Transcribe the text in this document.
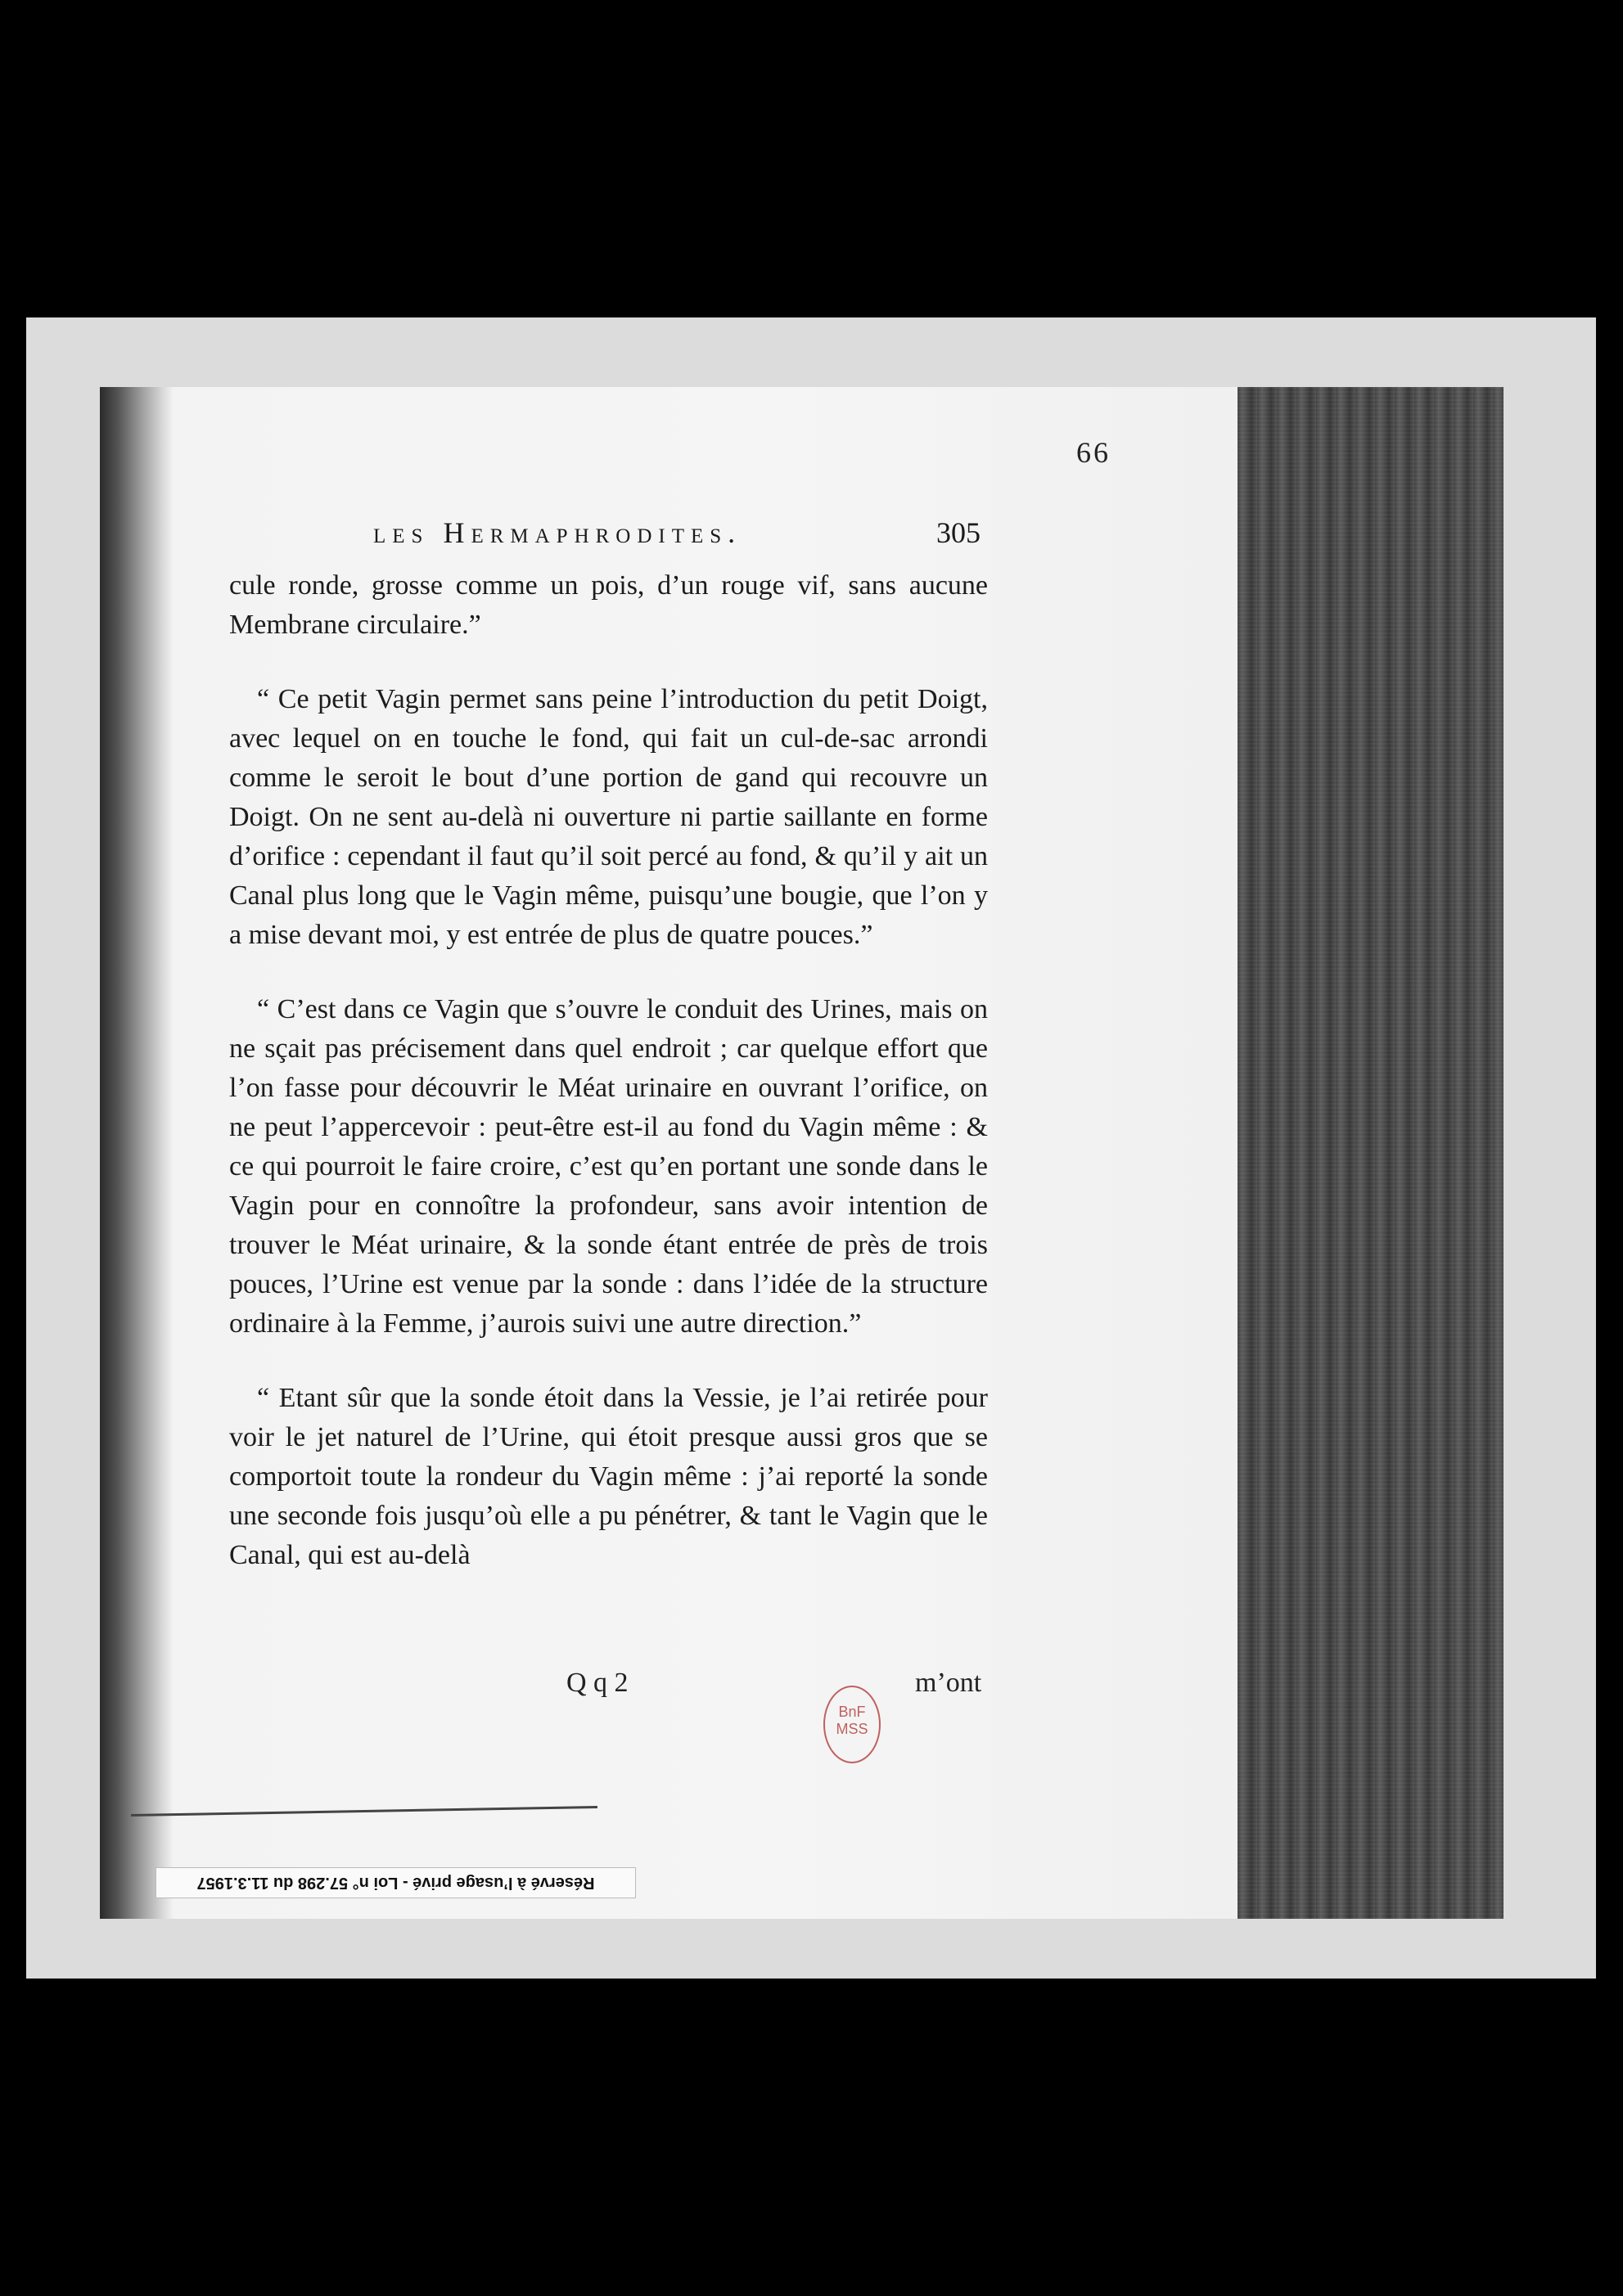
66
les Hermaphrodites.	305

cule ronde, grosse comme un pois, d’un rouge vif, sans aucune Membrane circulaire.”

“ Ce petit Vagin permet sans peine l’introduction du petit Doigt, avec lequel on en touche le fond, qui fait un cul-de-sac arrondi comme le seroit le bout d’une portion de gand qui recouvre un Doigt. On ne sent au-delà ni ouverture ni partie saillante en forme d’orifice : cependant il faut qu’il soit percé au fond, & qu’il y ait un Canal plus long que le Vagin même, puisqu’une bougie, que l’on y a mise devant moi, y est entrée de plus de quatre pouces.”

“ C’est dans ce Vagin que s’ouvre le conduit des Urines, mais on ne sçait pas précisement dans quel endroit ; car quelque effort que l’on fasse pour découvrir le Méat urinaire en ouvrant l’orifice, on ne peut l’appercevoir : peut-être est-il au fond du Vagin même : & ce qui pourroit le faire croire, c’est qu’en portant une sonde dans le Vagin pour en connoître la profondeur, sans avoir intention de trouver le Méat urinaire, & la sonde étant entrée de près de trois pouces, l’Urine est venue par la sonde : dans l’idée de la structure ordinaire à la Femme, j’aurois suivi une autre direction.”

“ Etant sûr que la sonde étoit dans la Vessie, je l’ai retirée pour voir le jet naturel de l’Urine, qui étoit presque aussi gros que se comportoit toute la rondeur du Vagin même : j’ai reporté la sonde une seconde fois jusqu’où elle a pu pénétrer, & tant le Vagin que le Canal, qui est au-delà

Q q 2	m’ont
BnF
MSS
Réservé à l’usage privé - Loi n° 57.298 du 11.3.1957
